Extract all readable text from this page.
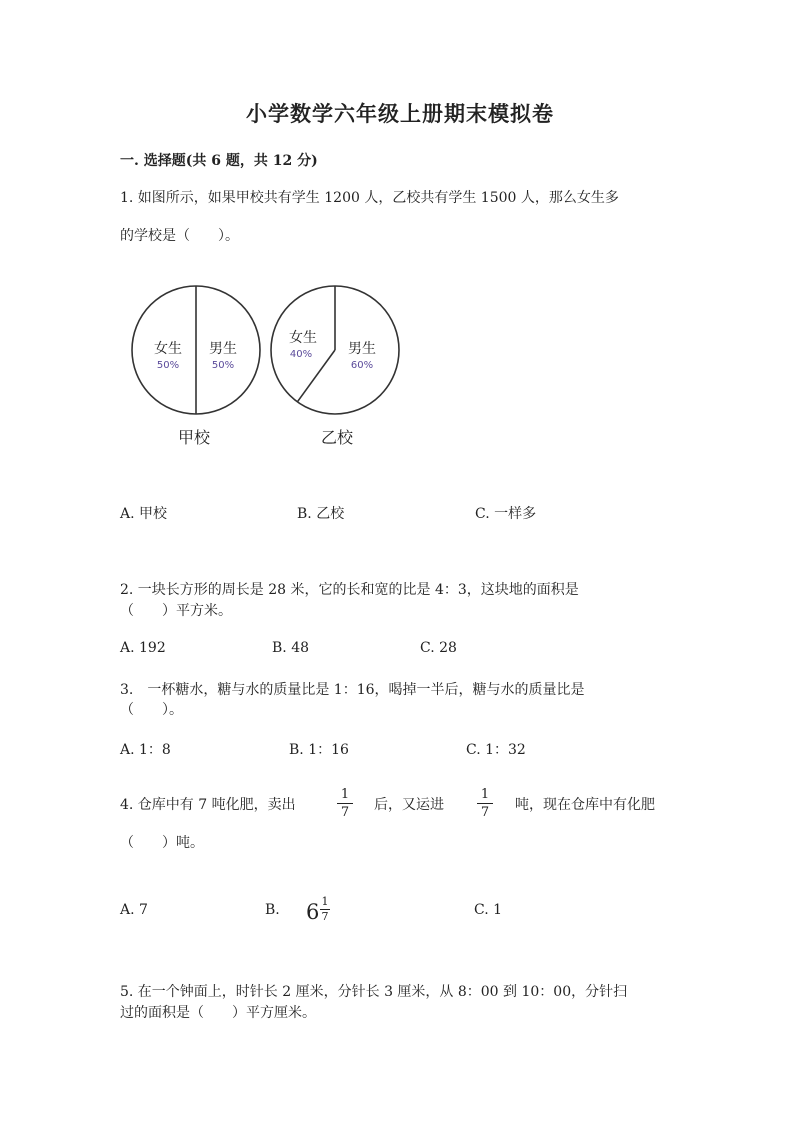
小学数学六年级上册期末模拟卷
一. 选择题(共 6 题，共 12 分)
1. 如图所示，如果甲校共有学生 1200 人，乙校共有学生 1500 人，那么女生多
的学校是（　　）。
女生
50%
男生
50%
甲校
女生
40%	男生
60%
乙校
A. 甲校	B. 乙校	C. 一样多
2. 一块长方形的周长是 28 米，它的长和宽的比是 4：3，这块地的面积是
（　　）平方米。
A. 192	B. 48	C. 28
3.　一杯糖水，糖与水的质量比是 1：16，喝掉一半后，糖与水的质量比是
（　　）。
A. 1：8	B. 1：16	C. 1：32
4. 仓库中有 7 吨化肥，卖出
1
7 后，又运进
1
7 吨，现在仓库中有化肥
（　　）吨。
A. 7	B. 6 1
7	C. 1
5. 在一个钟面上，时针长 2 厘米，分针长 3 厘米，从 8：00 到 10：00，分针扫
过的面积是（　　）平方厘米。
